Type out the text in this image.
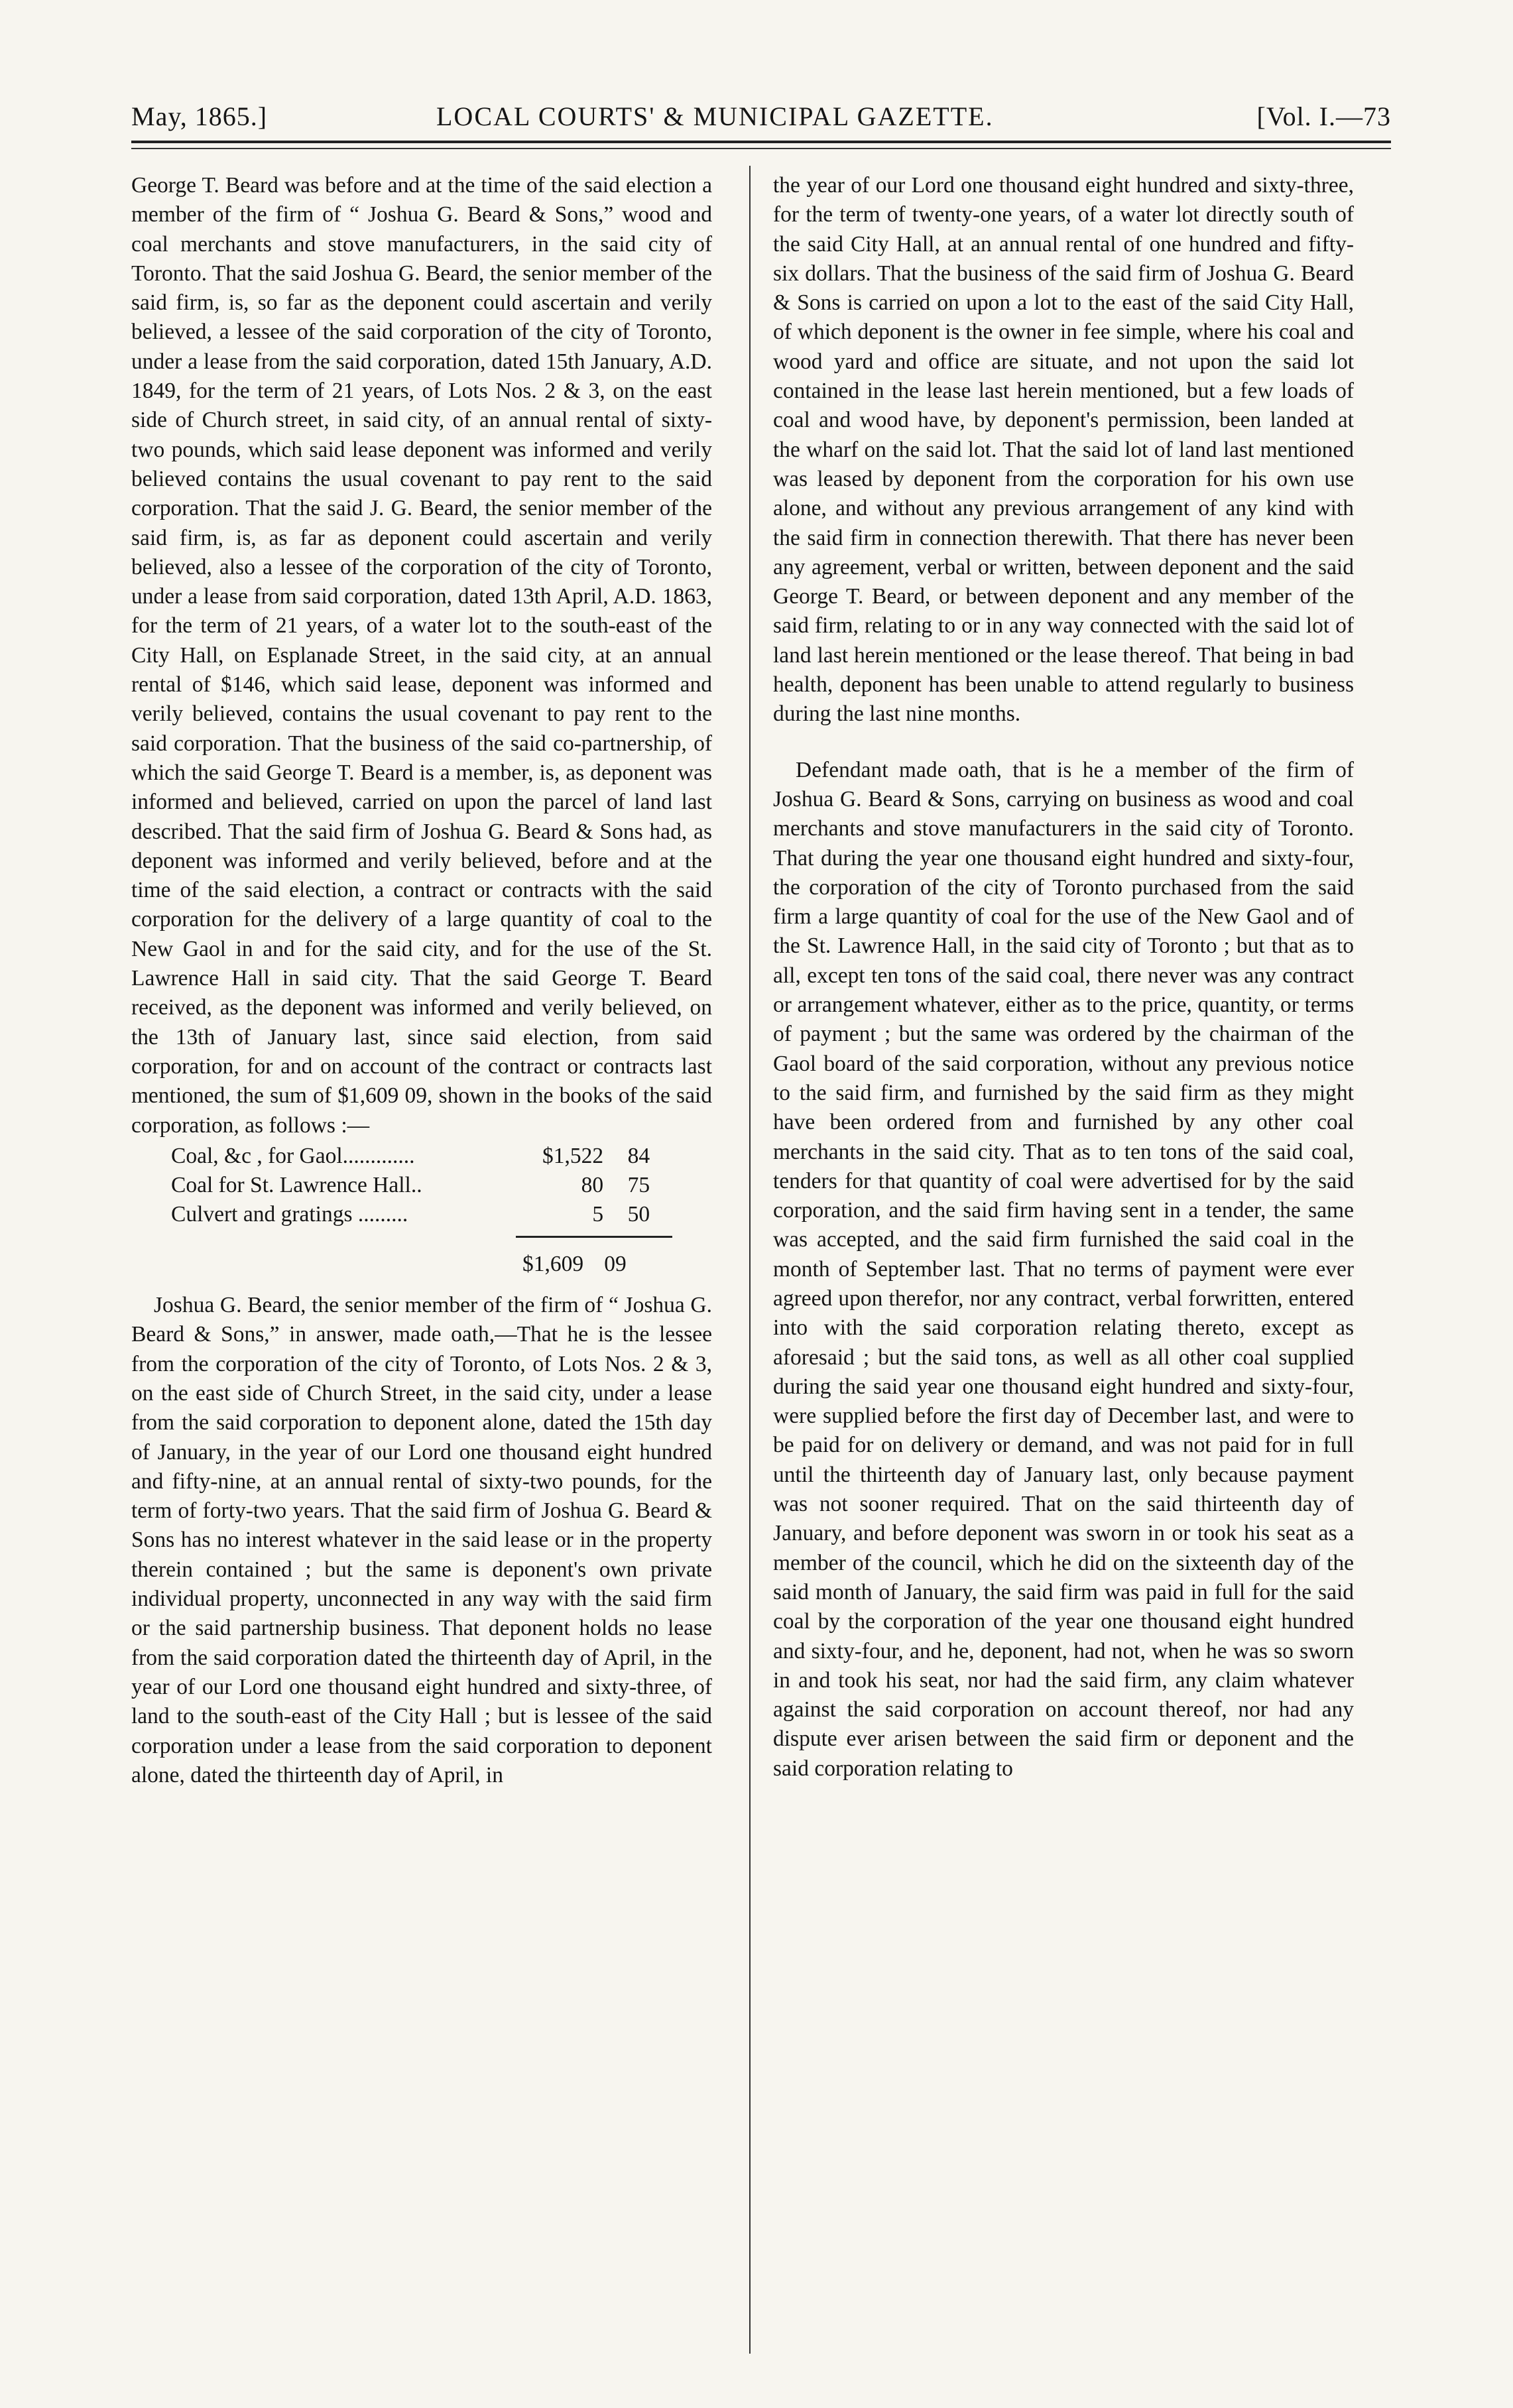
May, 1865.]	LOCAL COURTS' & MUNICIPAL GAZETTE.	[Vol. I.—73

George T. Beard was before and at the time of the said election a member of the firm of “ Joshua G. Beard & Sons,” wood and coal merchants and stove manufacturers, in the said city of Toronto. That the said Joshua G. Beard, the senior member of the said firm, is, so far as the deponent could ascertain and verily believed, a lessee of the said corporation of the city of Toronto, under a lease from the said corporation, dated 15th January, A.D. 1849, for the term of 21 years, of Lots Nos. 2 & 3, on the east side of Church street, in said city, of an annual rental of sixty-two pounds, which said lease deponent was informed and verily believed contains the usual covenant to pay rent to the said corporation. That the said J. G. Beard, the senior member of the said firm, is, as far as deponent could ascertain and verily believed, also a lessee of the corporation of the city of Toronto, under a lease from said corporation, dated 13th April, A.D. 1863, for the term of 21 years, of a water lot to the south-east of the City Hall, on Esplanade Street, in the said city, at an annual rental of $146, which said lease, deponent was informed and verily believed, contains the usual covenant to pay rent to the said corporation. That the business of the said co-partnership, of which the said George T. Beard is a member, is, as deponent was informed and believed, carried on upon the parcel of land last described. That the said firm of Joshua G. Beard & Sons had, as deponent was informed and verily believed, before and at the time of the said election, a contract or contracts with the said corporation for the delivery of a large quantity of coal to the New Gaol in and for the said city, and for the use of the St. Lawrence Hall in said city. That the said George T. Beard received, as the deponent was informed and verily believed, on the 13th of January last, since said election, from said corporation, for and on account of the contract or contracts last mentioned, the sum of $1,609 09, shown in the books of the said corporation, as follows :—

Coal, &c , for Gaol.............	$1,522	84
Coal for St. Lawrence Hall..	80	75
Culvert and gratings .........	5	50
$1,609 09

Joshua G. Beard, the senior member of the firm of “ Joshua G. Beard & Sons,” in answer, made oath,—That he is the lessee from the corporation of the city of Toronto, of Lots Nos. 2 & 3, on the east side of Church Street, in the said city, under a lease from the said corporation to deponent alone, dated the 15th day of January, in the year of our Lord one thousand eight hundred and fifty-nine, at an annual rental of sixty-two pounds, for the term of forty-two years. That the said firm of Joshua G. Beard & Sons has no interest whatever in the said lease or in the property therein contained ; but the same is deponent's own private individual property, unconnected in any way with the said firm or the said partnership business. That deponent holds no lease from the said corporation dated the thirteenth day of April, in the year of our Lord one thousand eight hundred and sixty-three, of land to the south-east of the City Hall ; but is lessee of the said corporation under a lease from the said corporation to deponent alone, dated the thirteenth day of April, in

the year of our Lord one thousand eight hundred and sixty-three, for the term of twenty-one years, of a water lot directly south of the said City Hall, at an annual rental of one hundred and fifty-six dollars. That the business of the said firm of Joshua G. Beard & Sons is carried on upon a lot to the east of the said City Hall, of which deponent is the owner in fee simple, where his coal and wood yard and office are situate, and not upon the said lot contained in the lease last herein mentioned, but a few loads of coal and wood have, by deponent's permission, been landed at the wharf on the said lot. That the said lot of land last mentioned was leased by deponent from the corporation for his own use alone, and without any previous arrangement of any kind with the said firm in connection therewith. That there has never been any agreement, verbal or written, between deponent and the said George T. Beard, or between deponent and any member of the said firm, relating to or in any way connected with the said lot of land last herein mentioned or the lease thereof. That being in bad health, deponent has been unable to attend regularly to business during the last nine months.

Defendant made oath, that is he a member of the firm of Joshua G. Beard & Sons, carrying on business as wood and coal merchants and stove manufacturers in the said city of Toronto. That during the year one thousand eight hundred and sixty-four, the corporation of the city of Toronto purchased from the said firm a large quantity of coal for the use of the New Gaol and of the St. Lawrence Hall, in the said city of Toronto ; but that as to all, except ten tons of the said coal, there never was any contract or arrangement whatever, either as to the price, quantity, or terms of payment ; but the same was ordered by the chairman of the Gaol board of the said corporation, without any previous notice to the said firm, and furnished by the said firm as they might have been ordered from and furnished by any other coal merchants in the said city. That as to ten tons of the said coal, tenders for that quantity of coal were advertised for by the said corporation, and the said firm having sent in a tender, the same was accepted, and the said firm furnished the said coal in the month of September last. That no terms of payment were ever agreed upon therefor, nor any contract, verbal forwritten, entered into with the said corporation relating thereto, except as aforesaid ; but the said tons, as well as all other coal supplied during the said year one thousand eight hundred and sixty-four, were supplied before the first day of December last, and were to be paid for on delivery or demand, and was not paid for in full until the thirteenth day of January last, only because payment was not sooner required. That on the said thirteenth day of January, and before deponent was sworn in or took his seat as a member of the council, which he did on the sixteenth day of the said month of January, the said firm was paid in full for the said coal by the corporation of the year one thousand eight hundred and sixty-four, and he, deponent, had not, when he was so sworn in and took his seat, nor had the said firm, any claim whatever against the said corporation on account thereof, nor had any dispute ever arisen between the said firm or deponent and the said corporation relating to
